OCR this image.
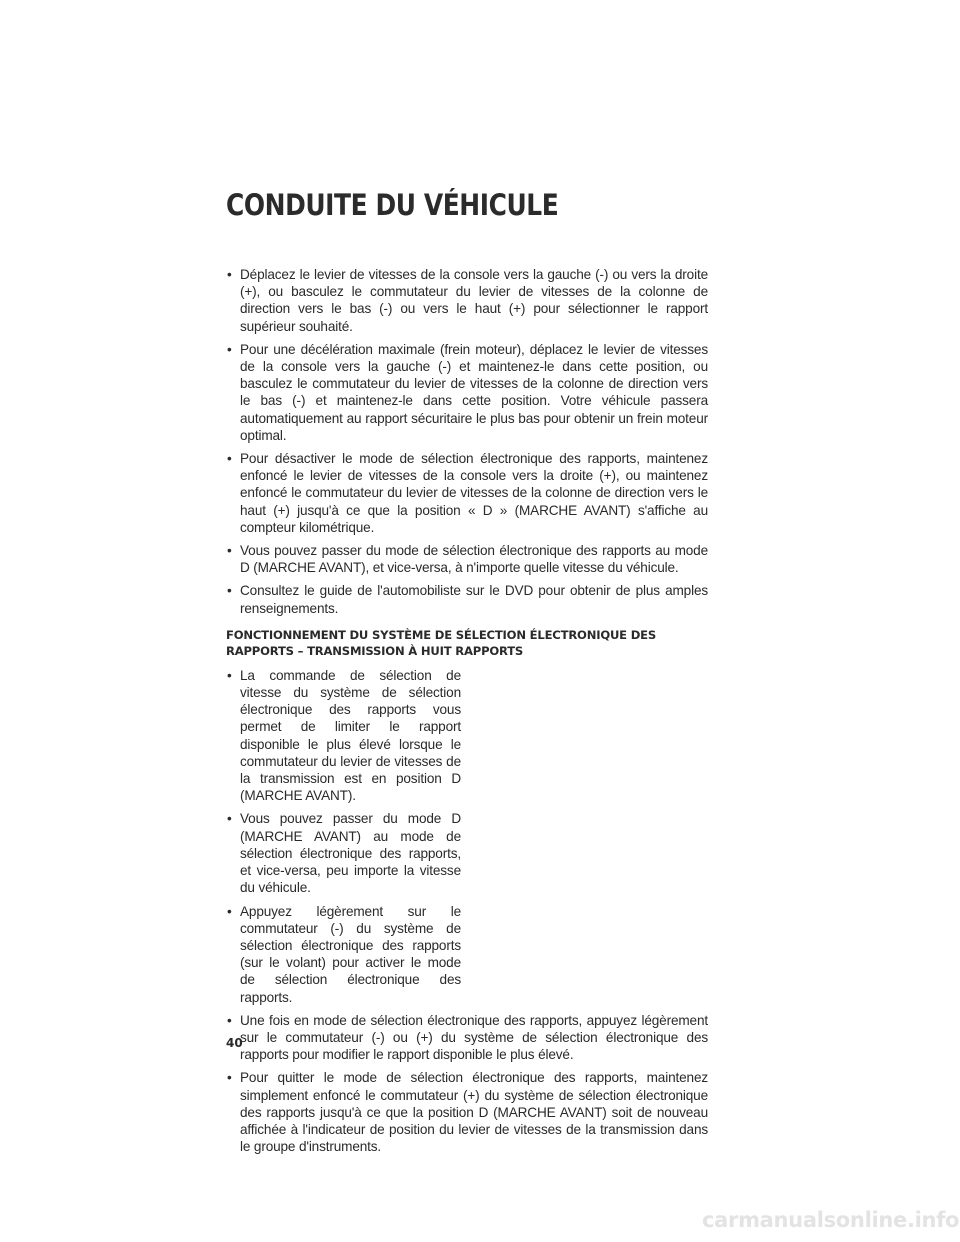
CONDUITE DU VÉHICULE
• Déplacez le levier de vitesses de la console vers la gauche (-) ou vers la droite (+), ou basculez le commutateur du levier de vitesses de la colonne de direction vers le bas (-) ou vers le haut (+) pour sélectionner le rapport supérieur souhaité.
• Pour une décélération maximale (frein moteur), déplacez le levier de vitesses de la console vers la gauche (-) et maintenez-le dans cette position, ou basculez le commutateur du levier de vitesses de la colonne de direction vers le bas (-) et maintenez-le dans cette position. Votre véhicule passera automatiquement au rapport sécuritaire le plus bas pour obtenir un frein moteur optimal.
• Pour désactiver le mode de sélection électronique des rapports, maintenez enfoncé le levier de vitesses de la console vers la droite (+), ou maintenez enfoncé le commutateur du levier de vitesses de la colonne de direction vers le haut (+) jusqu'à ce que la position « D » (MARCHE AVANT) s'affiche au compteur kilométrique.
• Vous pouvez passer du mode de sélection électronique des rapports au mode D (MARCHE AVANT), et vice-versa, à n'importe quelle vitesse du véhicule.
• Consultez le guide de l'automobiliste sur le DVD pour obtenir de plus amples renseignements.
FONCTIONNEMENT DU SYSTÈME DE SÉLECTION ÉLECTRONIQUE DES RAPPORTS – TRANSMISSION À HUIT RAPPORTS
• La commande de sélection de vitesse du système de sélection électronique des rapports vous permet de limiter le rapport disponible le plus élevé lorsque le commutateur du levier de vitesses de la transmission est en position D (MARCHE AVANT).
• Vous pouvez passer du mode D (MARCHE AVANT) au mode de sélection électronique des rapports, et vice-versa, peu importe la vitesse du véhicule.
• Appuyez légèrement sur le commutateur (-) du système de sélection électronique des rapports (sur le volant) pour activer le mode de sélection électronique des rapports.
• Une fois en mode de sélection électronique des rapports, appuyez légèrement sur le commutateur (-) ou (+) du système de sélection électronique des rapports pour modifier le rapport disponible le plus élevé.
• Pour quitter le mode de sélection électronique des rapports, maintenez simplement enfoncé le commutateur (+) du système de sélection électronique des rapports jusqu'à ce que la position D (MARCHE AVANT) soit de nouveau affichée à l'indicateur de position du levier de vitesses de la transmission dans le groupe d'instruments.
40
carmanualsonline.info
